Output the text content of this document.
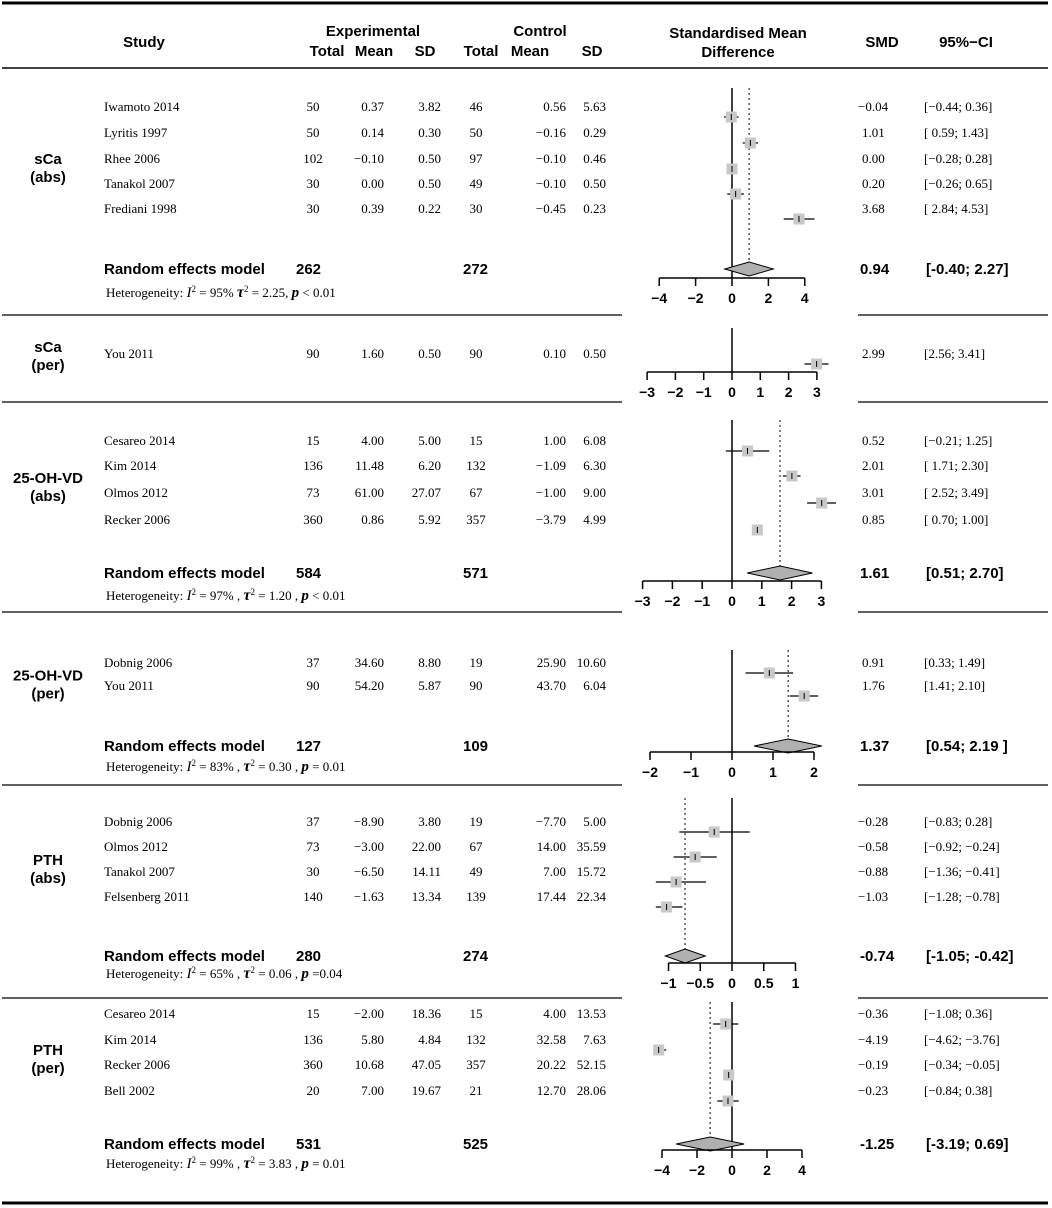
Study
Experimental	Control
Total Mean SD Total Mean SD
Standardised Mean
Difference
SMD	95%−CI
sCa
(abs)
Iwamoto 2014	50	0.37	3.82 46	0.56 5.63	−0.04	[−0.44; 0.36]
Lyritis 1997	50	0.14	0.30 50	−0.16 0.29	1.01	[ 0.59; 1.43]
Rhee 2006	102 −0.10	0.50 97	−0.10 0.46	0.00	[−0.28; 0.28]
Tanakol 2007	30	0.00	0.50 49	−0.10 0.50	0.20	[−0.26; 0.65]
Frediani 1998	30	0.39	0.22 30	−0.45 0.23	3.68	[ 2.84; 4.53]
Random effects model 262	272	0.94 [-0.40; 2.27]
Heterogeneity: $I^2 = 95\%$ $\tau^2 = 2.25$, p < 0.01	−4 −2 0 2 4
sCa
(per)
You 2011	90	1.60	0.50 90	0.10 0.50	2.99	[2.56; 3.41]
−3 −2 −1 0 1 2 3
25-OH-VD
(abs)
Cesareo 2014	15	4.00	5.00 15	1.00 6.08	0.52	[−0.21; 1.25]
Kim 2014	136 11.48	6.20 132	−1.09 6.30	2.01	[ 1.71; 2.30]
Olmos 2012	73	61.00 27.07 67	−1.00 9.00	3.01	[ 2.52; 3.49]
Recker 2006	360	0.86	5.92 357	−3.79 4.99	0.85	[ 0.70; 1.00]
Random effects model 584	571	1.61 [0.51; 2.70]
Heterogeneity: $I^2 = 97\%$ , $\tau^2 = 1.20$ , p < 0.01	−3 −2 −1 0 1 2 3
25-OH-VD
(per)
Dobnig 2006	37	34.60	8.80 19	25.90 10.60	0.91	[0.33; 1.49]
You 2011	90	54.20	5.87 90	43.70 6.04	1.76	[1.41; 2.10]
Random effects model 127	109	1.37 [0.54; 2.19 ]
Heterogeneity: $I^2 = 83\%$ , $\tau^2 = 0.30$ , p = 0.01	−2 −1 0 1 2
PTH
(abs)
Dobnig 2006	37	−8.90	3.80 19	−7.70 5.00	−0.28	[−0.83; 0.28]
Olmos 2012	73	−3.00 22.00 67	14.00 35.59	−0.58	[−0.92; −0.24]
Tanakol 2007	30	−6.50 14.11 49	7.00 15.72	−0.88	[−1.36; −0.41]
Felsenberg 2011	140 −1.63 13.34 139	17.44 22.34	−1.03	[−1.28; −0.78]
Random effects model 280	274	-0.74 [-1.05; -0.42]
Heterogeneity: $I^2 = 65\%$ , $\tau^2 = 0.06$ , p =0.04
−1 −0.5 0 0.5 1
PTH
(per)
Cesareo 2014	15	−2.00 18.36 15	4.00 13.53	−0.36	[−1.08; 0.36]
Kim 2014	136	5.80	4.84 132	32.58 7.63	−4.19	[−4.62; −3.76]
Recker 2006	360 10.68 47.05 357	20.22 52.15	−0.19	[−0.34; −0.05]
Bell 2002	20	7.00 19.67 21	12.70 28.06	−0.23	[−0.84; 0.38]
Random effects model 531	525	-1.25 [-3.19; 0.69]
Heterogeneity: $I^2 = 99\%$ , $\tau^2 = 3.83$ , p = 0.01	−4 −2 0 2 4
